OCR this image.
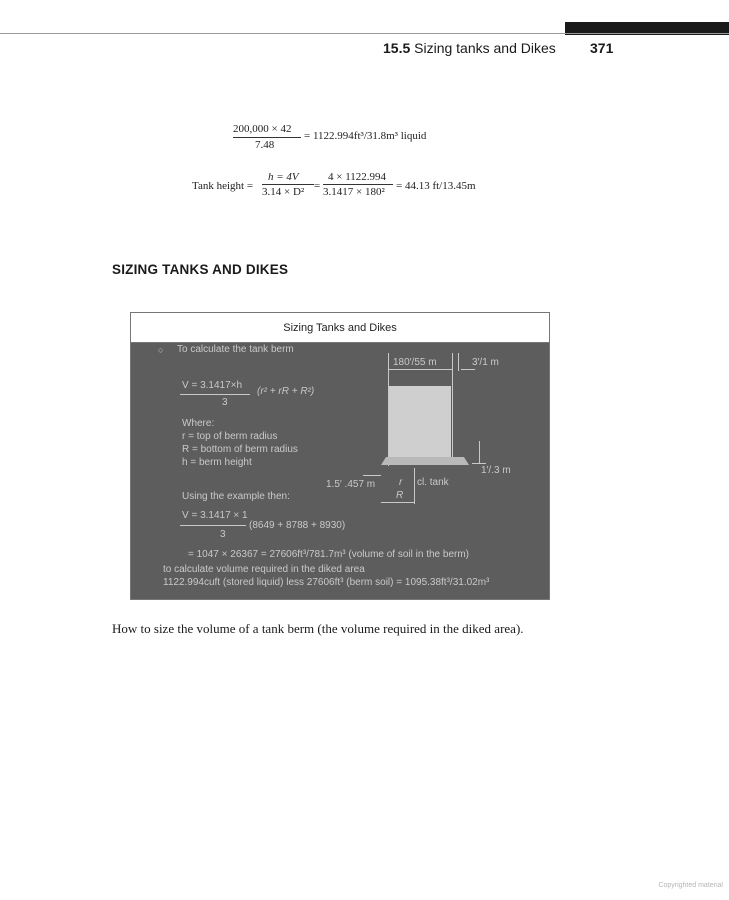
15.5 Sizing tanks and Dikes 371
200,000 × 42
7.48
= 1122.994ft³/31.8m³ liquid
Tank height =
h = 4V
3.14 × D² =
4 × 1122.994
3.1417 × 180² = 44.13 ft/13.45m
SIZING TANKS AND DIKES
Sizing Tanks and Dikes
○ To calculate the tank berm
V = 3.1417×h
3
(r² + rR + R²)
Where:
r = top of berm radius
R = bottom of berm radius
h = berm height
Using the example then:
V = 3.1417 × 1
3
(8649 + 8788 + 8930)
= 1047 × 26367 = 27606ft³/781.7m³ (volume of soil in the berm)
to calculate volume required in the diked area
1122.994cuft (stored liquid) less 27606ft³ (berm soil) = 1095.38ft³/31.02m³
180′/55 m	3′/1 m
1′/.3 m
1.5′ .457 m r cl. tank
R
How to size the volume of a tank berm (the volume required in the diked area).
Copyrighted material
